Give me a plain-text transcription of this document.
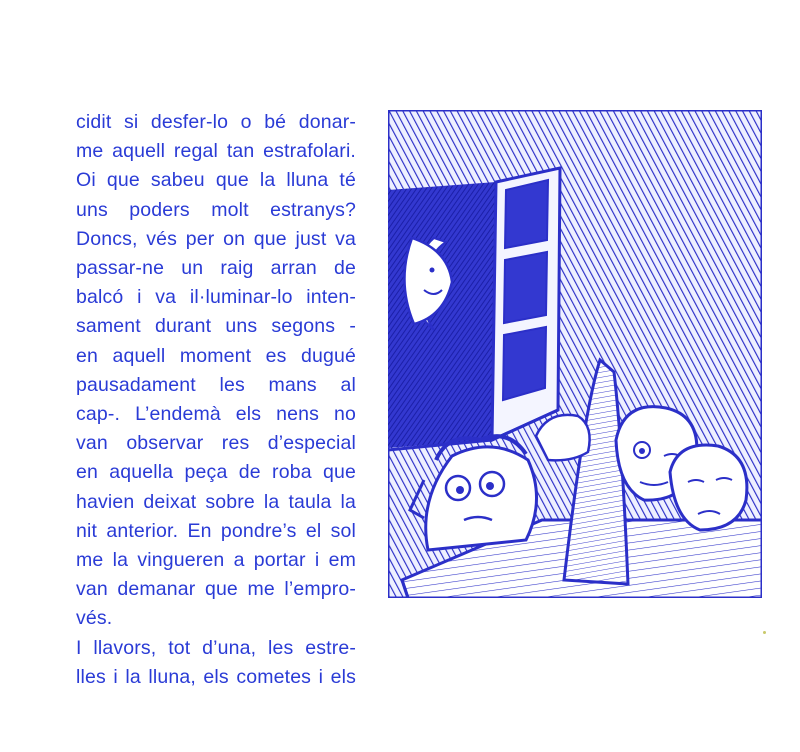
cidit si desfer-lo o bé donar-
me aquell regal tan estrafolari.
Oi que sabeu que la lluna té
uns poders molt estranys?
Doncs, vés per on que just va
passar-ne un raig arran de
balcó i va il·luminar-lo inten-
sament durant uns segons -
en aquell moment es dugué
pausadament les mans al
cap-. L’endemà els nens no
van observar res d’especial
en aquella peça de roba que
havien deixat sobre la taula la
nit anterior. En pondre’s el sol
me la vingueren a portar i em
van demanar que me l’empro-
vés.
I llavors, tot d’una, les estre-
lles i la lluna, els cometes i els
